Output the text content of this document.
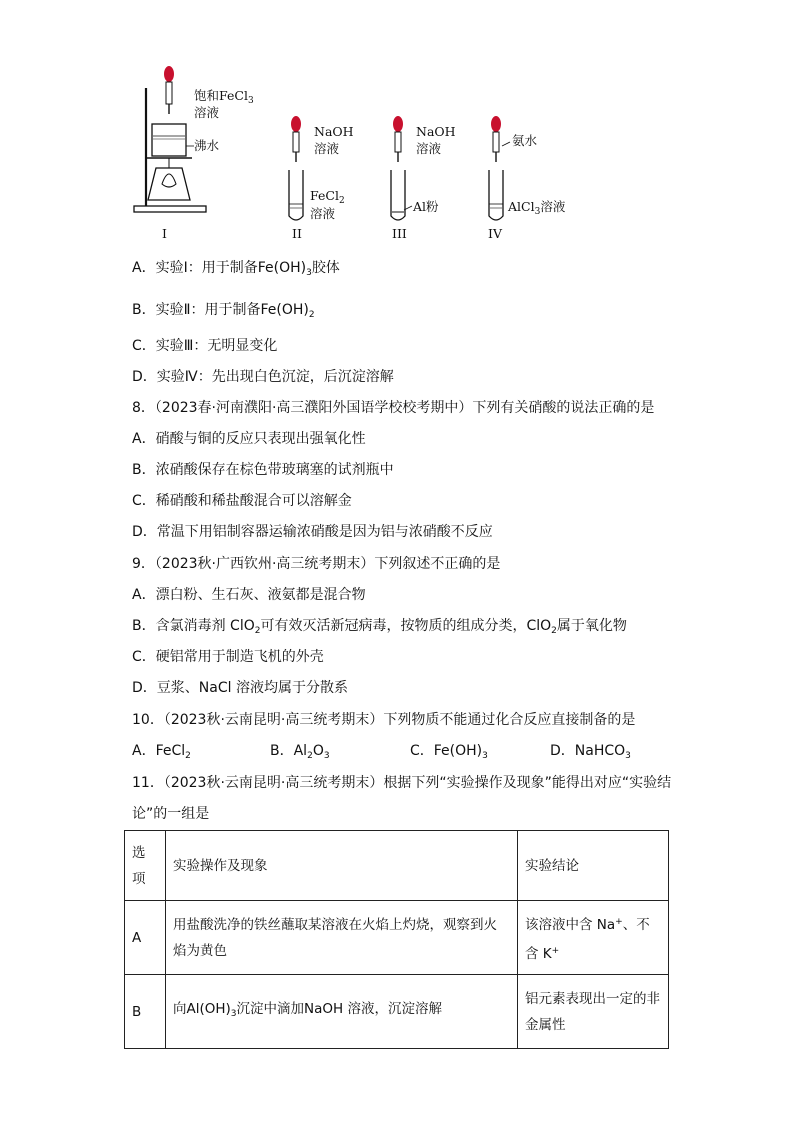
饱和FeCl$_3$
溶液
沸水
I
NaOH
溶液
FeCl$_2$
溶液
II
NaOH
溶液
Al粉
III
氨水
AlCl$_3$溶液
IV
A．实验Ⅰ：用于制备$Fe(OH)_3$胶体
B．实验Ⅱ：用于制备$Fe(OH)_2$
C．实验Ⅲ：无明显变化
D．实验Ⅳ：先出现白色沉淀，后沉淀溶解
8．（2023春·河南濮阳·高三濮阳外国语学校校考期中）下列有关硝酸的说法正确的是
A．硝酸与铜的反应只表现出强氧化性
B．浓硝酸保存在棕色带玻璃塞的试剂瓶中
C．稀硝酸和稀盐酸混合可以溶解金
D．常温下用铝制容器运输浓硝酸是因为铝与浓硝酸不反应
9．（2023秋·广西钦州·高三统考期末）下列叙述不正确的是
A．漂白粉、生石灰、液氨都是混合物
B．含氯消毒剂 ClO$_2$可有效灭活新冠病毒，按物质的组成分类，ClO$_2$属于氧化物
C．硬铝常用于制造飞机的外壳
D．豆浆、NaCl 溶液均属于分散系
10．（2023秋·云南昆明·高三统考期末）下列物质不能通过化合反应直接制备的是
A．FeCl$_2$	B．$Al_2O_3$	C．$Fe(OH)_3$	D．NaHCO$_3$
11．（2023秋·云南昆明·高三统考期末）根据下列“实验操作及现象”能得出对应“实验结
论”的一组是
选项	实验操作及现象	实验结论
A	用盐酸洗净的铁丝蘸取某溶液在火焰上灼烧，观察到火焰为黄色	该溶液中含 Na+、不含 K+
B	向$Al(OH)_3$沉淀中滴加NaOH 溶液，沉淀溶解	铝元素表现出一定的非金属性
